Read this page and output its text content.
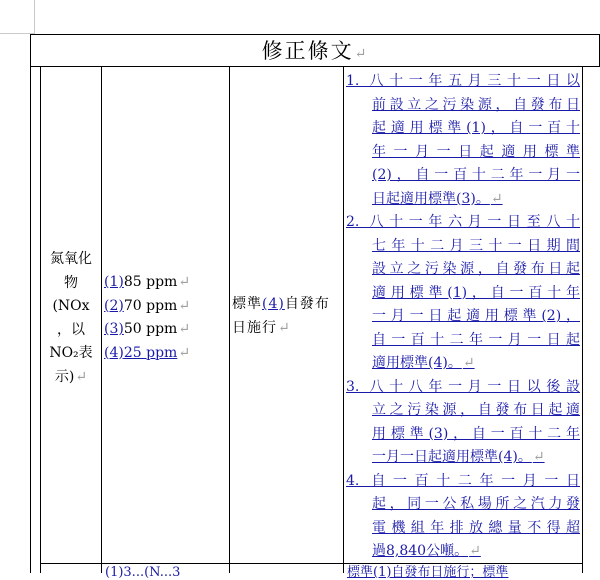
修正條文↵
氮氧化
物
(NOx
，以
NO₂表
示)↵
(1)85 ppm↵
(2)70 ppm↵
(3)50 ppm↵
(4)25 ppm↵
標準(4)自發布日施行↵
1. 八十一年五月三十一日以
前設立之污染源，自發布日
起適用標準(1)，自一百十
年一月一日起適用標準
(2)，自一百十二年一月一
日起適用標準(3)。↵
2. 八十一年六月一日至八十
七年十二月三十一日期間
設立之污染源，自發布日起
適用標準(1)，自一百十年
一月一日起適用標準(2)，
自一百十二年一月一日起
適用標準(4)。↵
3. 八十八年一月一日以後設
立之污染源，自發布日起適
用標準(3)，自一百十二年
一月一日起適用標準(4)。↵
4. 自一百十二年一月一日
起，同一公私場所之汽力發
電機組年排放總量不得超
過8,840公噸。↵
(1)3...(N...3	標準(1)自發布日施行；標準
